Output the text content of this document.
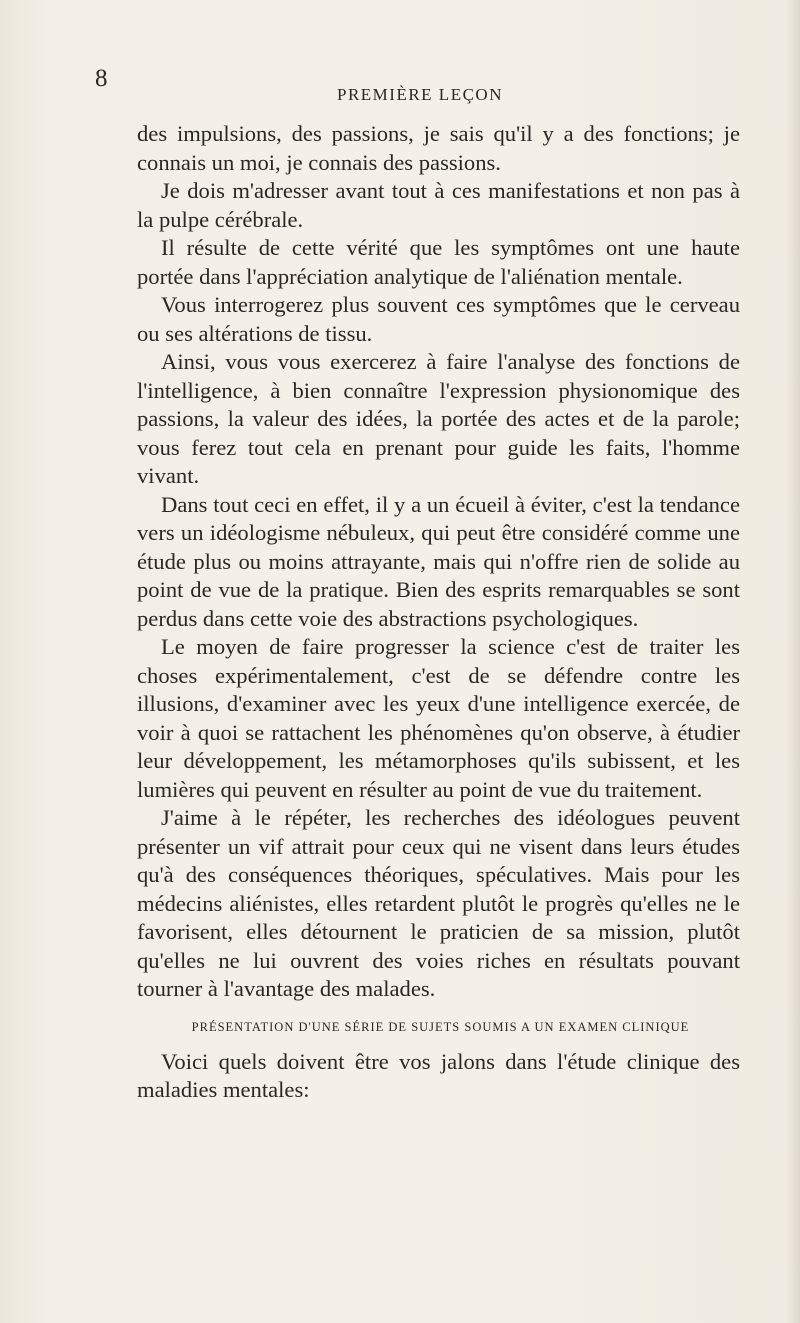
8
PREMIÈRE LEÇON

des impulsions, des passions, je sais qu'il y a des fonctions; je connais un moi, je connais des passions.

Je dois m'adresser avant tout à ces manifestations et non pas à la pulpe cérébrale.

Il résulte de cette vérité que les symptômes ont une haute portée dans l'appréciation analytique de l'aliénation mentale.

Vous interrogerez plus souvent ces symptômes que le cerveau ou ses altérations de tissu.

Ainsi, vous vous exercerez à faire l'analyse des fonctions de l'intelligence, à bien connaître l'expression physionomique des passions, la valeur des idées, la portée des actes et de la parole; vous ferez tout cela en prenant pour guide les faits, l'homme vivant.

Dans tout ceci en effet, il y a un écueil à éviter, c'est la tendance vers un idéologisme nébuleux, qui peut être considéré comme une étude plus ou moins attrayante, mais qui n'offre rien de solide au point de vue de la pratique. Bien des esprits remarquables se sont perdus dans cette voie des abstractions psychologiques.

Le moyen de faire progresser la science c'est de traiter les choses expérimentalement, c'est de se défendre contre les illusions, d'examiner avec les yeux d'une intelligence exercée, de voir à quoi se rattachent les phénomènes qu'on observe, à étudier leur développement, les métamorphoses qu'ils subissent, et les lumières qui peuvent en résulter au point de vue du traitement.

J'aime à le répéter, les recherches des idéologues peuvent présenter un vif attrait pour ceux qui ne visent dans leurs études qu'à des conséquences théoriques, spéculatives. Mais pour les médecins aliénistes, elles retardent plutôt le progrès qu'elles ne le favorisent, elles détournent le praticien de sa mission, plutôt qu'elles ne lui ouvrent des voies riches en résultats pouvant tourner à l'avantage des malades.

PRÉSENTATION D'UNE SÉRIE DE SUJETS SOUMIS A UN EXAMEN CLINIQUE

Voici quels doivent être vos jalons dans l'étude clinique des maladies mentales:
